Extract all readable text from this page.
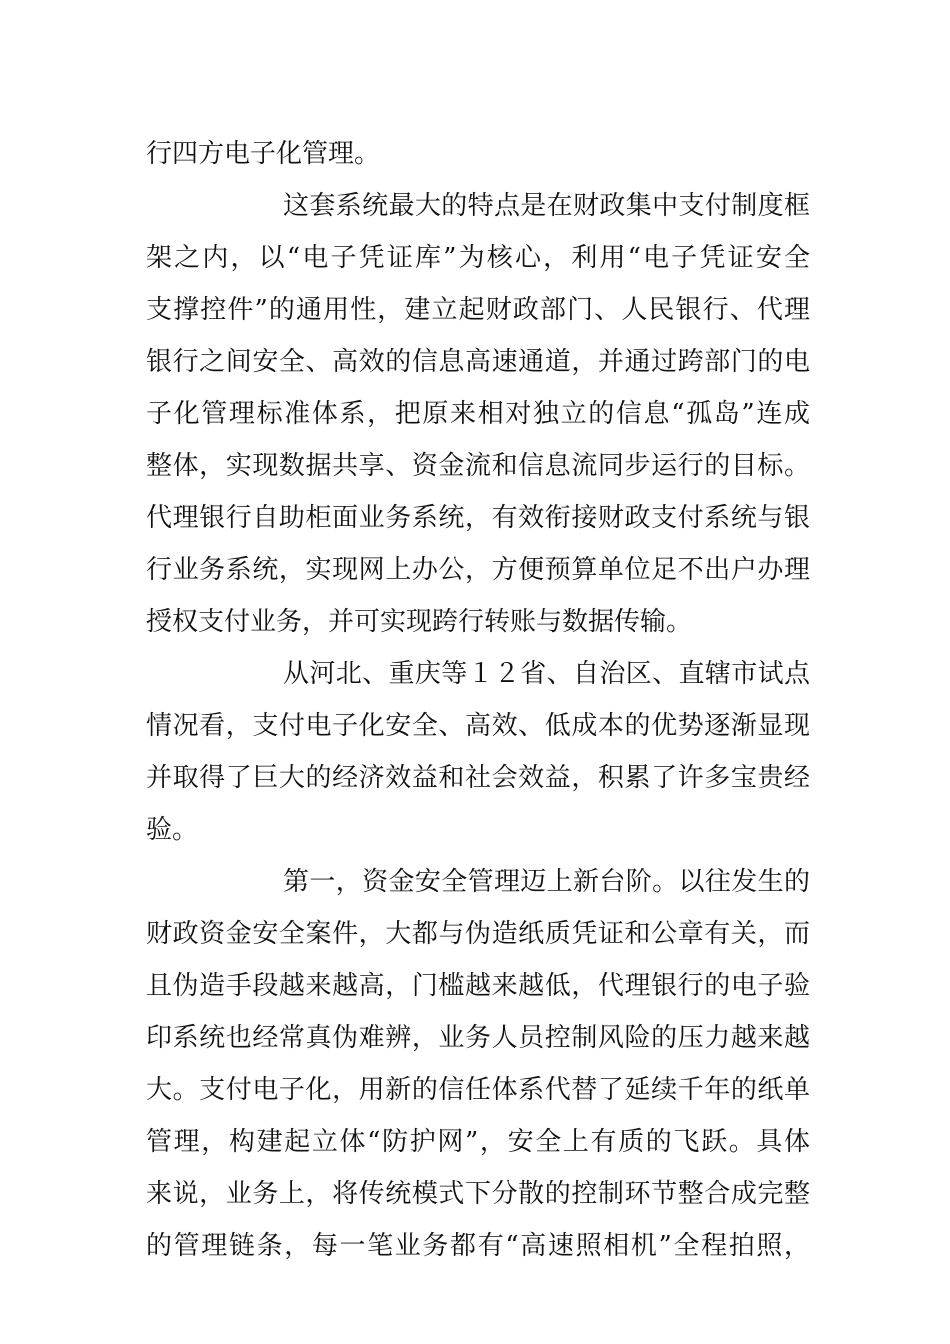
行四方电子化管理。
这套系统最大的特点是在财政集中支付制度框
架之内，以“电子凭证库”为核心，利用“电子凭证安全
支撑控件”的通用性，建立起财政部门、人民银行、代理
银行之间安全、高效的信息高速通道，并通过跨部门的电
子化管理标准体系，把原来相对独立的信息“孤岛”连成
整体，实现数据共享、资金流和信息流同步运行的目标。
代理银行自助柜面业务系统，有效衔接财政支付系统与银
行业务系统，实现网上办公，方便预算单位足不出户办理
授权支付业务，并可实现跨行转账与数据传输。
从河北、重庆等１２省、自治区、直辖市试点
情况看，支付电子化安全、高效、低成本的优势逐渐显现
并取得了巨大的经济效益和社会效益，积累了许多宝贵经
验。
第一，资金安全管理迈上新台阶。以往发生的
财政资金安全案件，大都与伪造纸质凭证和公章有关，而
且伪造手段越来越高，门槛越来越低，代理银行的电子验
印系统也经常真伪难辨，业务人员控制风险的压力越来越
大。支付电子化，用新的信任体系代替了延续千年的纸单
管理，构建起立体“防护网”，安全上有质的飞跃。具体
来说，业务上，将传统模式下分散的控制环节整合成完整
的管理链条，每一笔业务都有“高速照相机”全程拍照，
